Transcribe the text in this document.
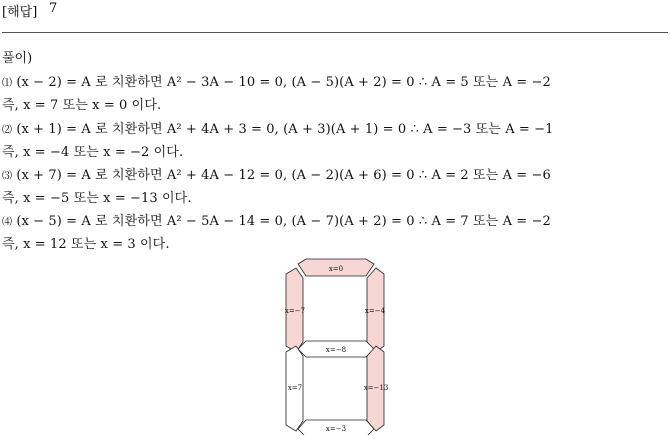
[해답] 7
풀이)
⑴ (x − 2) = A 로 치환하면 A² − 3A − 10 = 0, (A − 5)(A + 2) = 0 ∴ A = 5 또는 A = −2
즉, x = 7 또는 x = 0 이다.
⑵ (x + 1) = A 로 치환하면 A² + 4A + 3 = 0, (A + 3)(A + 1) = 0 ∴ A = −3 또는 A = −1
즉, x = −4 또는 x = −2 이다.
⑶ (x + 7) = A 로 치환하면 A² + 4A − 12 = 0, (A − 2)(A + 6) = 0 ∴ A = 2 또는 A = −6
즉, x = −5 또는 x = −13 이다.
⑷ (x − 5) = A 로 치환하면 A² − 5A − 14 = 0, (A − 7)(A + 2) = 0 ∴ A = 7 또는 A = −2
즉, x = 12 또는 x = 3 이다.
x=0
x=−7	x=−4
x=−8
x=7	x=−13
x=−3
